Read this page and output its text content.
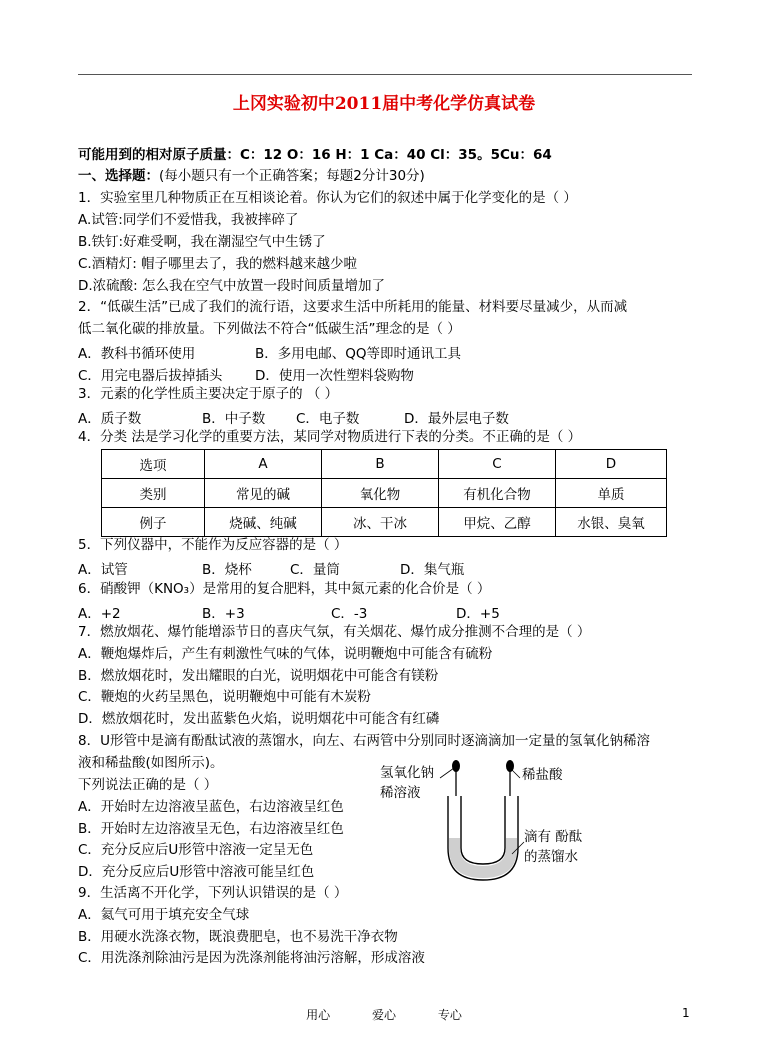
上冈实验初中2011届中考化学仿真试卷
可能用到的相对原子质量：C：12 O：16 H：1 Ca：40 Cl：35。5Cu：64
一、选择题：(每小题只有一个正确答案；每题2分计30分)
1．实验室里几种物质正在互相谈论着。你认为它们的叙述中属于化学变化的是（ ）
A.试管:同学们不爱惜我，我被摔碎了
B.铁钉:好难受啊，我在潮湿空气中生锈了
C.酒精灯: 帽子哪里去了，我的燃料越来越少啦
D.浓硫酸: 怎么我在空气中放置一段时间质量增加了
2．“低碳生活”已成了我们的流行语，这要求生活中所耗用的能量、材料要尽量减少，从而减
低二氧化碳的排放量。下列做法不符合“低碳生活”理念的是（ ）
A．教科书循环使用	B．多用电邮、QQ等即时通讯工具
C．用完电器后拔掉插头 D．使用一次性塑料袋购物
3．元素的化学性质主要决定于原子的 （ ）
A．质子数	B．中子数 C．电子数	D．最外层电子数
4．分类 法是学习化学的重要方法，某同学对物质进行下表的分类。不正确的是（ ）
选项	A	B	C	D
类别	常见的碱	氧化物	有机化合物	单质
例子	烧碱、纯碱	冰、干冰	甲烷、乙醇	水银、臭氧
5．下列仪器中，不能作为反应容器的是（ ）
A．试管	B．烧杯	C．量筒	D．集气瓶
6．硝酸钾（KNO₃）是常用的复合肥料，其中氮元素的化合价是（ ）
A．+2	B．+3	C．-3	D．+5
7．燃放烟花、爆竹能增添节日的喜庆气氛，有关烟花、爆竹成分推测不合理的是（ ）
A．鞭炮爆炸后，产生有刺激性气味的气体，说明鞭炮中可能含有硫粉
B．燃放烟花时，发出耀眼的白光，说明烟花中可能含有镁粉
C．鞭炮的火药呈黑色，说明鞭炮中可能有木炭粉
D．燃放烟花时，发出蓝紫色火焰，说明烟花中可能含有红磷
8．U形管中是滴有酚酞试液的蒸馏水，向左、右两管中分别同时逐滴滴加一定量的氢氧化钠稀溶
液和稀盐酸(如图所示)。
下列说法正确的是（ ）
A．开始时左边溶液呈蓝色，右边溶液呈红色
B．开始时左边溶液呈无色，右边溶液呈红色
C．充分反应后U形管中溶液一定呈无色
D．充分反应后U形管中溶液可能呈红色
氢氧化钠
稀溶液
稀盐酸
滴有 酚酞
的蒸馏水
9．生活离不开化学，下列认识错误的是（ ）
A．氦气可用于填充安全气球
B．用硬水洗涤衣物，既浪费肥皂，也不易洗干净衣物
C．用洗涤剂除油污是因为洗涤剂能将油污溶解，形成溶液
用心	爱心	专心	1
